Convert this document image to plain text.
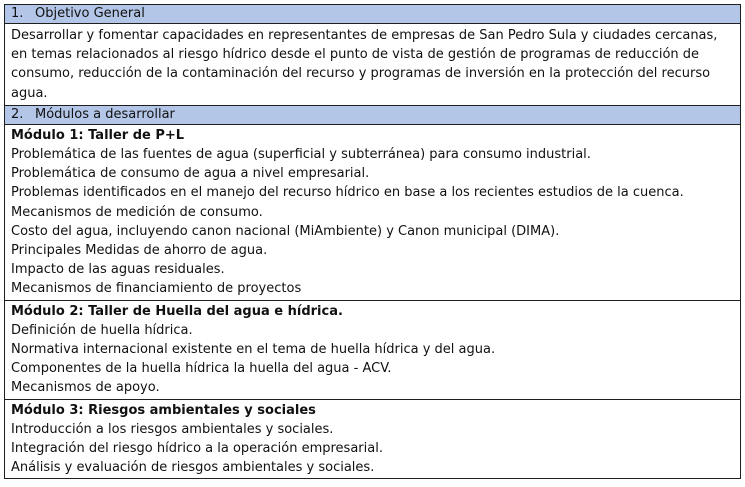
1. Objetivo General
Desarrollar y fomentar capacidades en representantes de empresas de San Pedro Sula y ciudades cercanas,
en temas relacionados al riesgo hídrico desde el punto de vista de gestión de programas de reducción de
consumo, reducción de la contaminación del recurso y programas de inversión en la protección del recurso
agua.
2. Módulos a desarrollar
Módulo 1: Taller de P+L
Problemática de las fuentes de agua (superficial y subterránea) para consumo industrial.
Problemática de consumo de agua a nivel empresarial.
Problemas identificados en el manejo del recurso hídrico en base a los recientes estudios de la cuenca.
Mecanismos de medición de consumo.
Costo del agua, incluyendo canon nacional (MiAmbiente) y Canon municipal (DIMA).
Principales Medidas de ahorro de agua.
Impacto de las aguas residuales.
Mecanismos de financiamiento de proyectos
Módulo 2: Taller de Huella del agua e hídrica.
Definición de huella hídrica.
Normativa internacional existente en el tema de huella hídrica y del agua.
Componentes de la huella hídrica la huella del agua - ACV.
Mecanismos de apoyo.
Módulo 3: Riesgos ambientales y sociales
Introducción a los riesgos ambientales y sociales.
Integración del riesgo hídrico a la operación empresarial.
Análisis y evaluación de riesgos ambientales y sociales.
